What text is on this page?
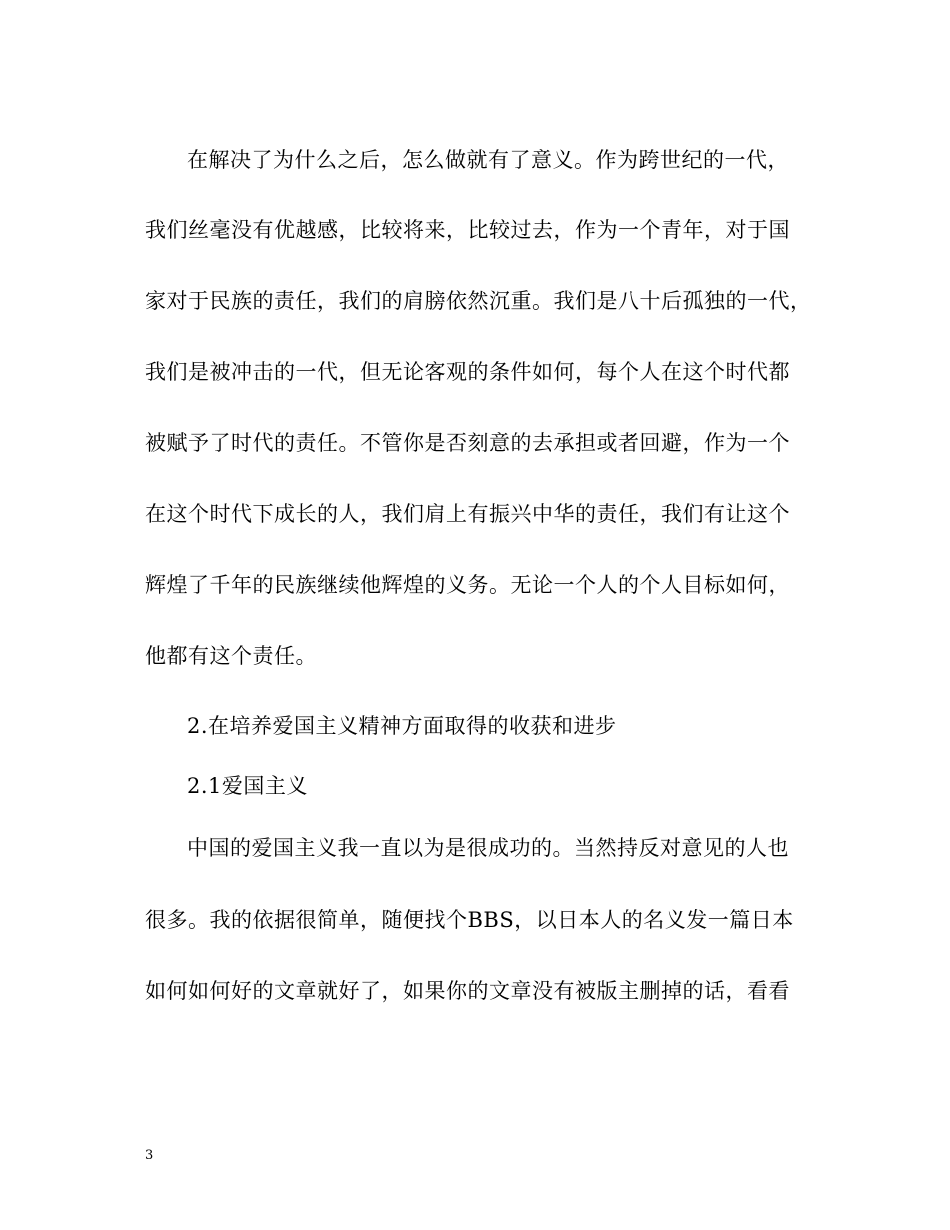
在解决了为什么之后，怎么做就有了意义。作为跨世纪的一代，
我们丝毫没有优越感，比较将来，比较过去，作为一个青年，对于国
家对于民族的责任，我们的肩膀依然沉重。我们是八十后孤独的一代，
我们是被冲击的一代，但无论客观的条件如何，每个人在这个时代都
被赋予了时代的责任。不管你是否刻意的去承担或者回避，作为一个
在这个时代下成长的人，我们肩上有振兴中华的责任，我们有让这个
辉煌了千年的民族继续他辉煌的义务。无论一个人的个人目标如何，
他都有这个责任。
2.在培养爱国主义精神方面取得的收获和进步
2.1爱国主义
中国的爱国主义我一直以为是很成功的。当然持反对意见的人也
很多。我的依据很简单，随便找个BBS，以日本人的名义发一篇日本
如何如何好的文章就好了，如果你的文章没有被版主删掉的话，看看
3
